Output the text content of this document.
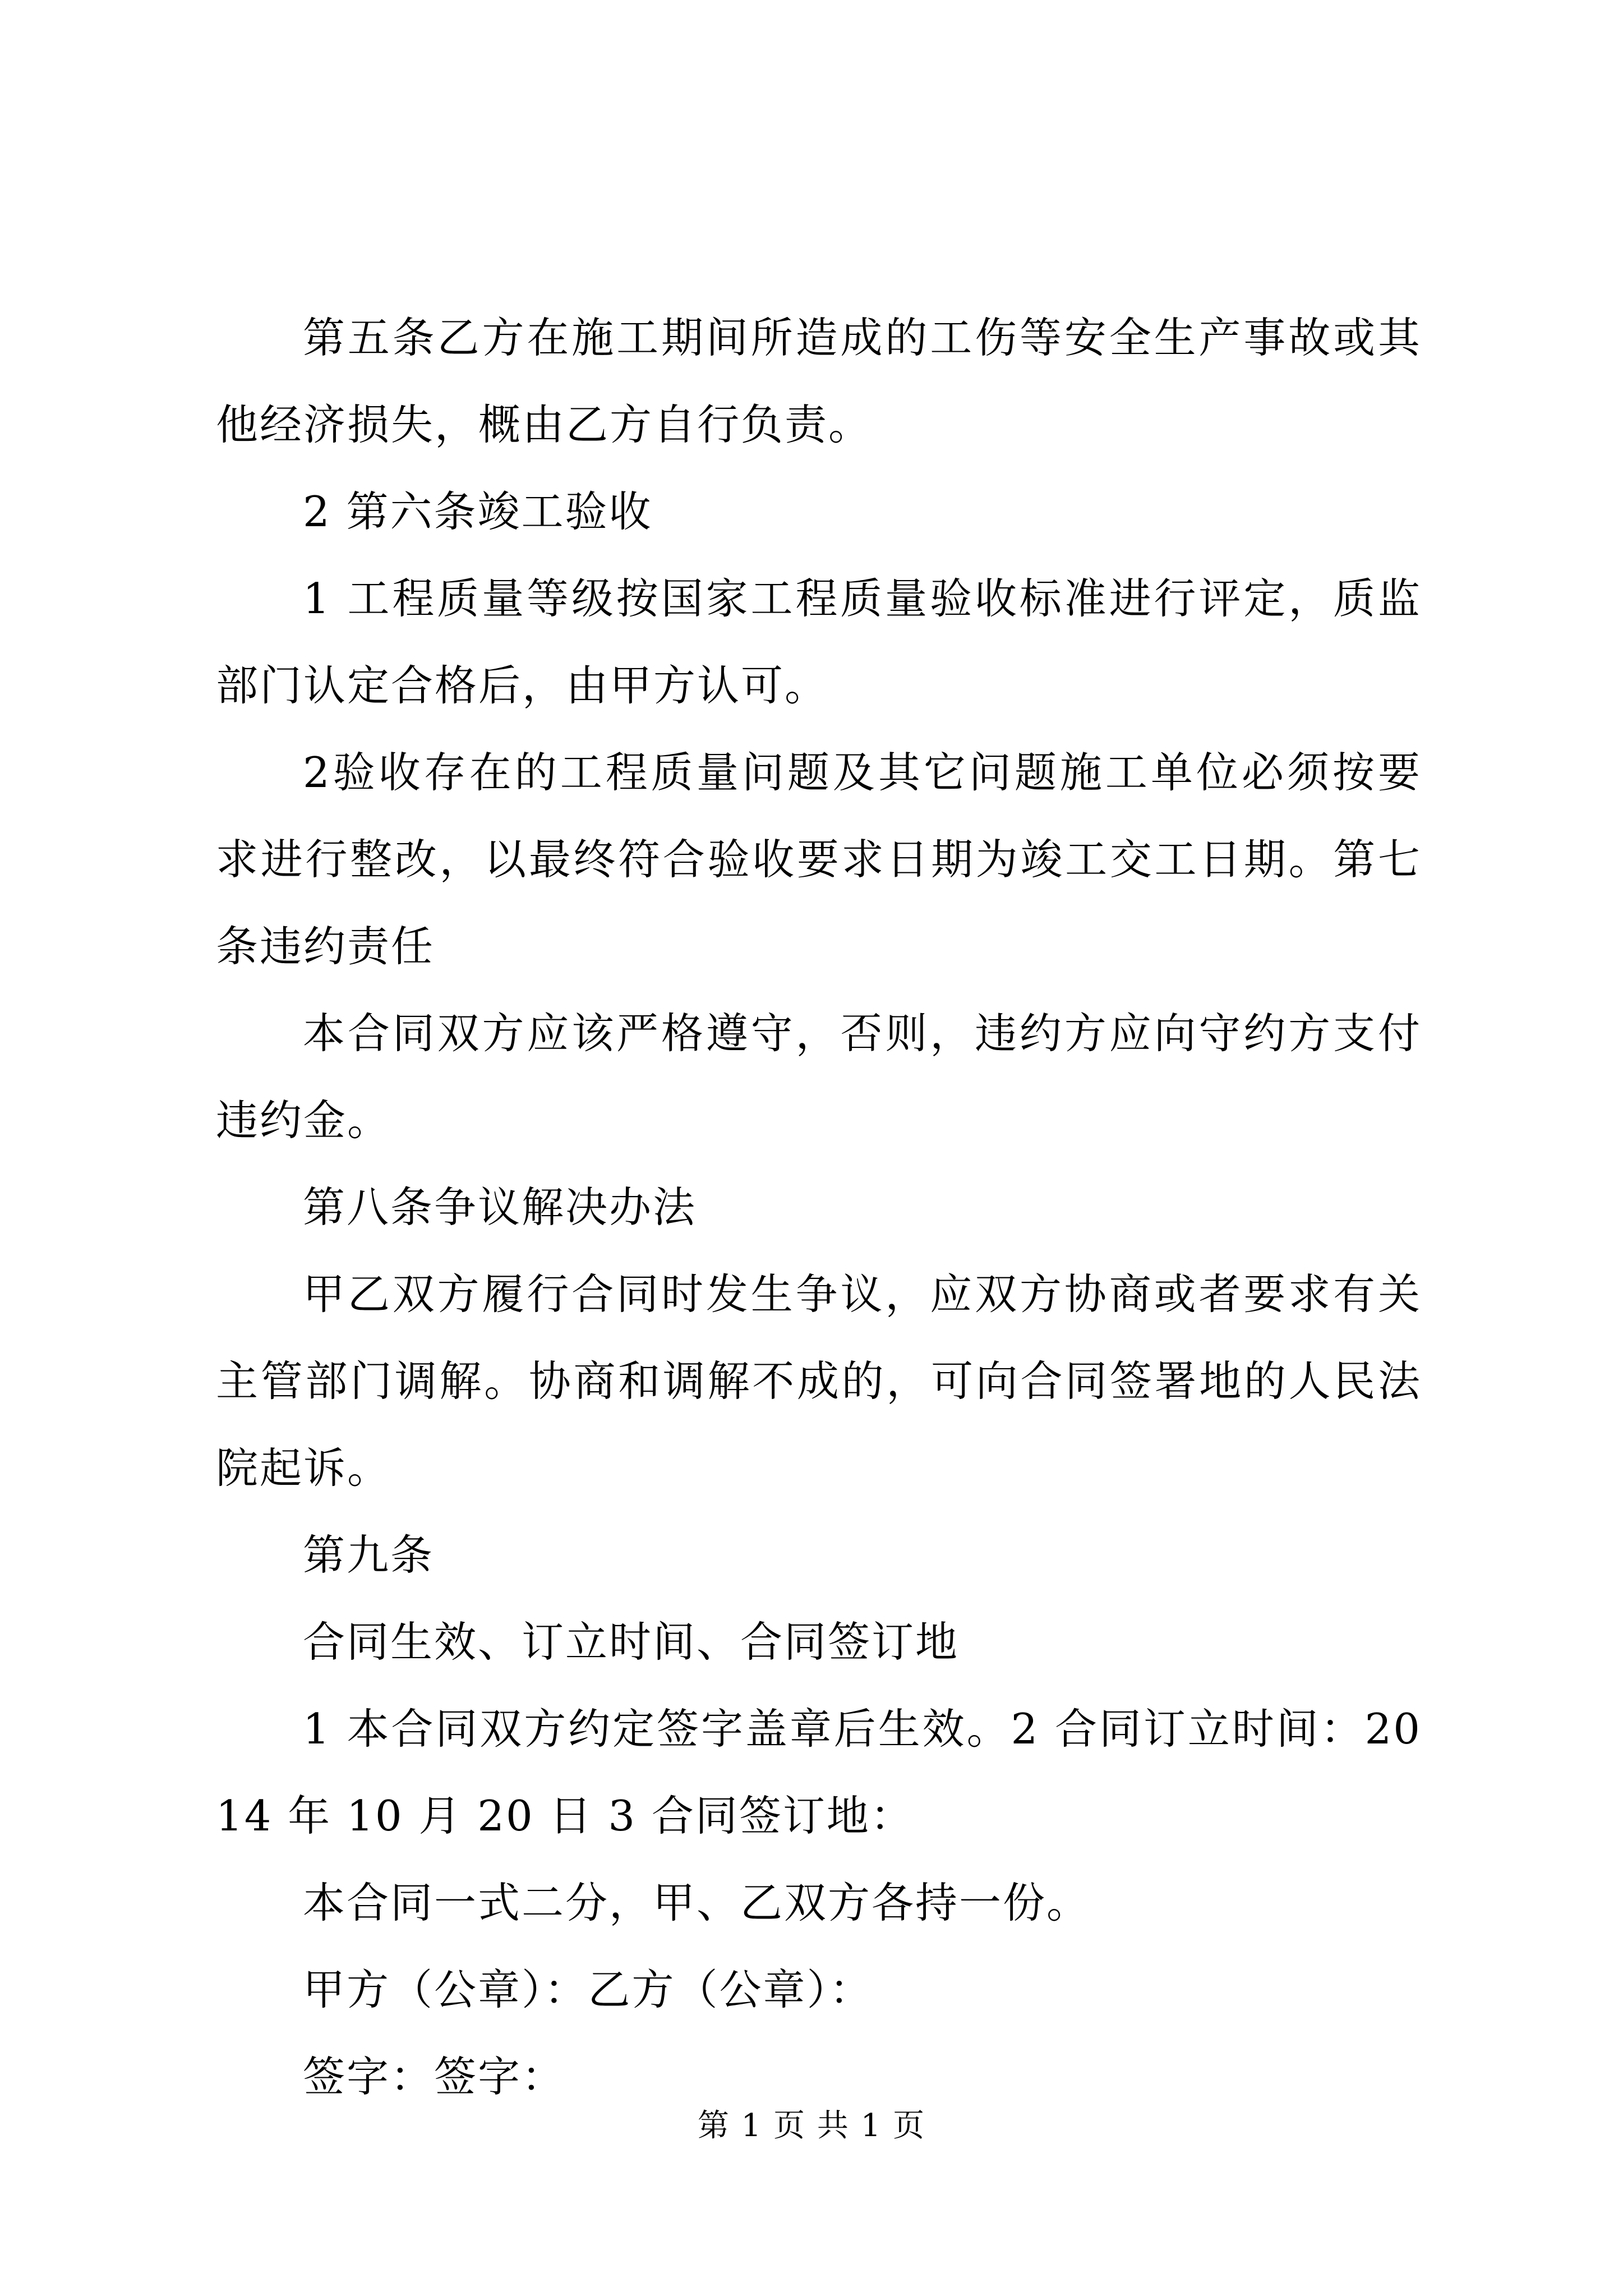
第五条乙方在施工期间所造成的工伤等安全生产事故或其他经济损失，概由乙方自行负责。

2 第六条竣工验收

1 工程质量等级按国家工程质量验收标准进行评定，质监部门认定合格后，由甲方认可。

2验收存在的工程质量问题及其它问题施工单位必须按要求进行整改，以最终符合验收要求日期为竣工交工日期。第七条违约责任

本合同双方应该严格遵守，否则，违约方应向守约方支付违约金。

第八条争议解决办法

甲乙双方履行合同时发生争议，应双方协商或者要求有关主管部门调解。协商和调解不成的，可向合同签署地的人民法院起诉。

第九条

合同生效、订立时间、合同签订地

1 本合同双方约定签字盖章后生效。2 合同订立时间：2014 年 10 月 20 日 3 合同签订地：

本合同一式二分，甲、乙双方各持一份。

甲方（公章）：乙方（公章）：

签字：签字：

第 1 页 共 1 页
